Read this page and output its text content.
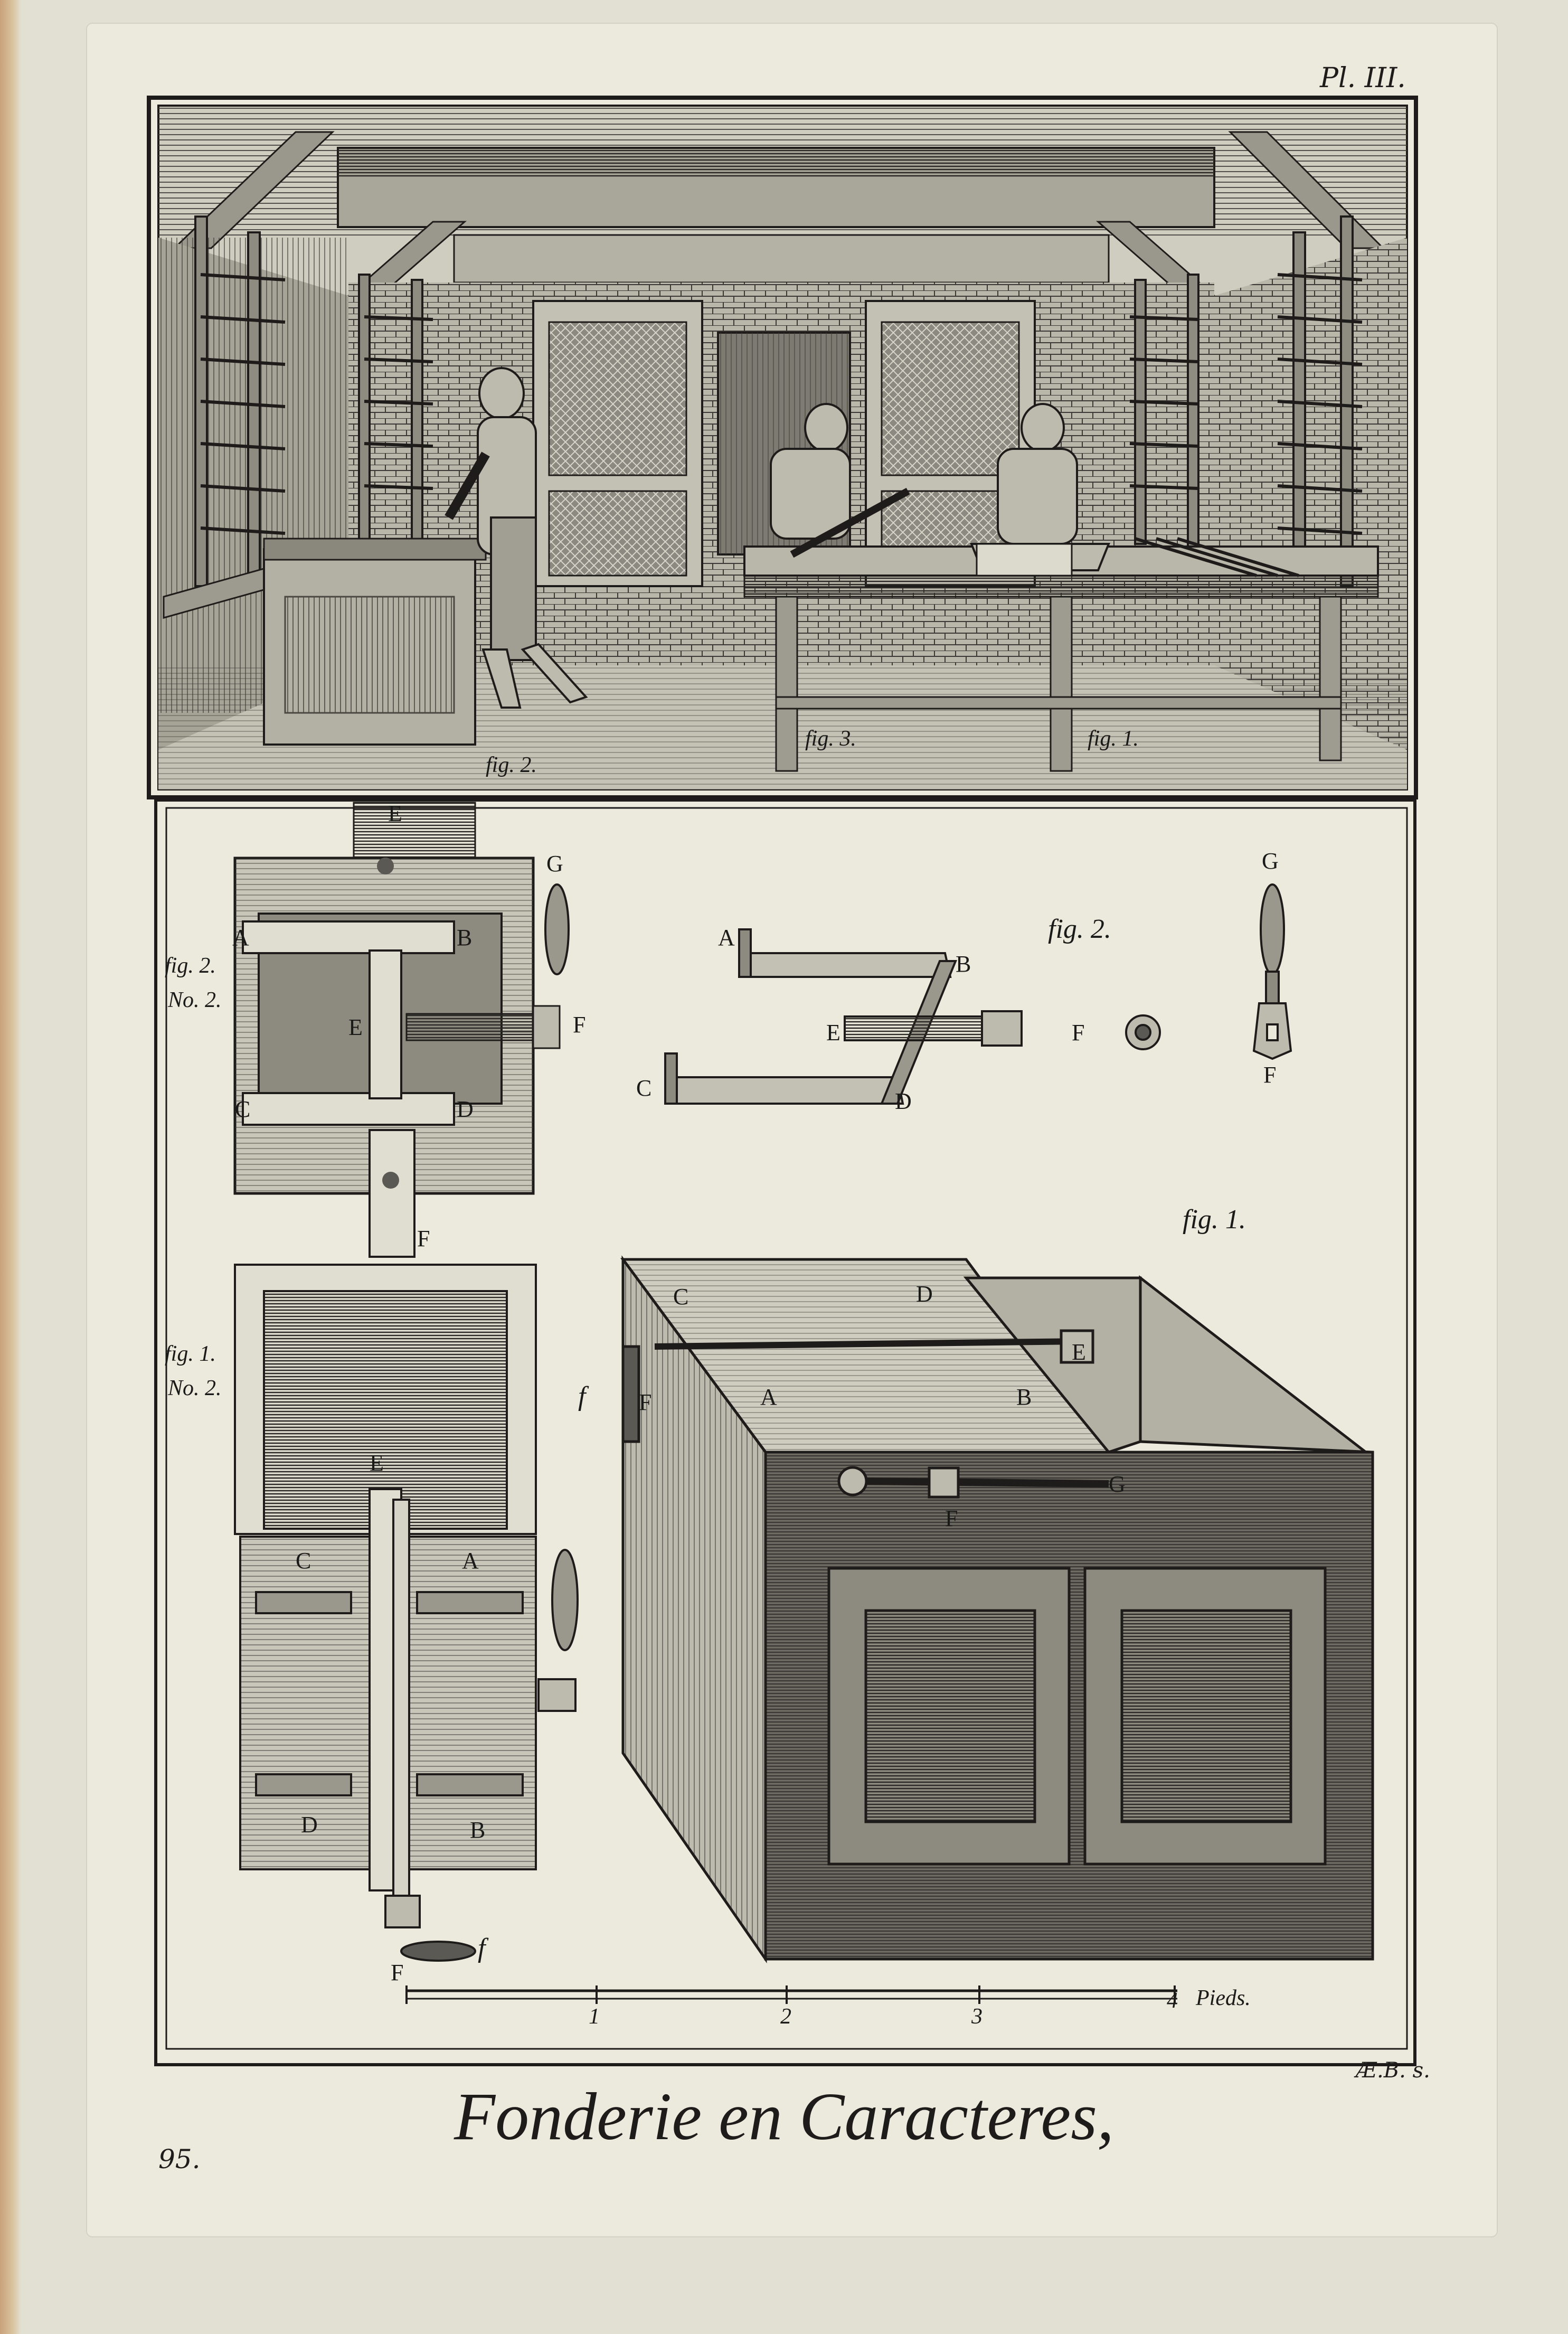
Pl. III.
fig. 2.
fig. 3.	fig. 1.
fig. 2.
No. 2.
fig. 1.
No. 2.
fig. 2.
fig. 1.
E
G
A	B
E	F
C	D
F
A
B
E	F
C
D
G
F
E
C	A
D	B
F
f
C	D
E
A	B
f F
G
F
1	2	3
4 Pieds.
Æ.B. s.
Fonderie en Caracteres,
95.
